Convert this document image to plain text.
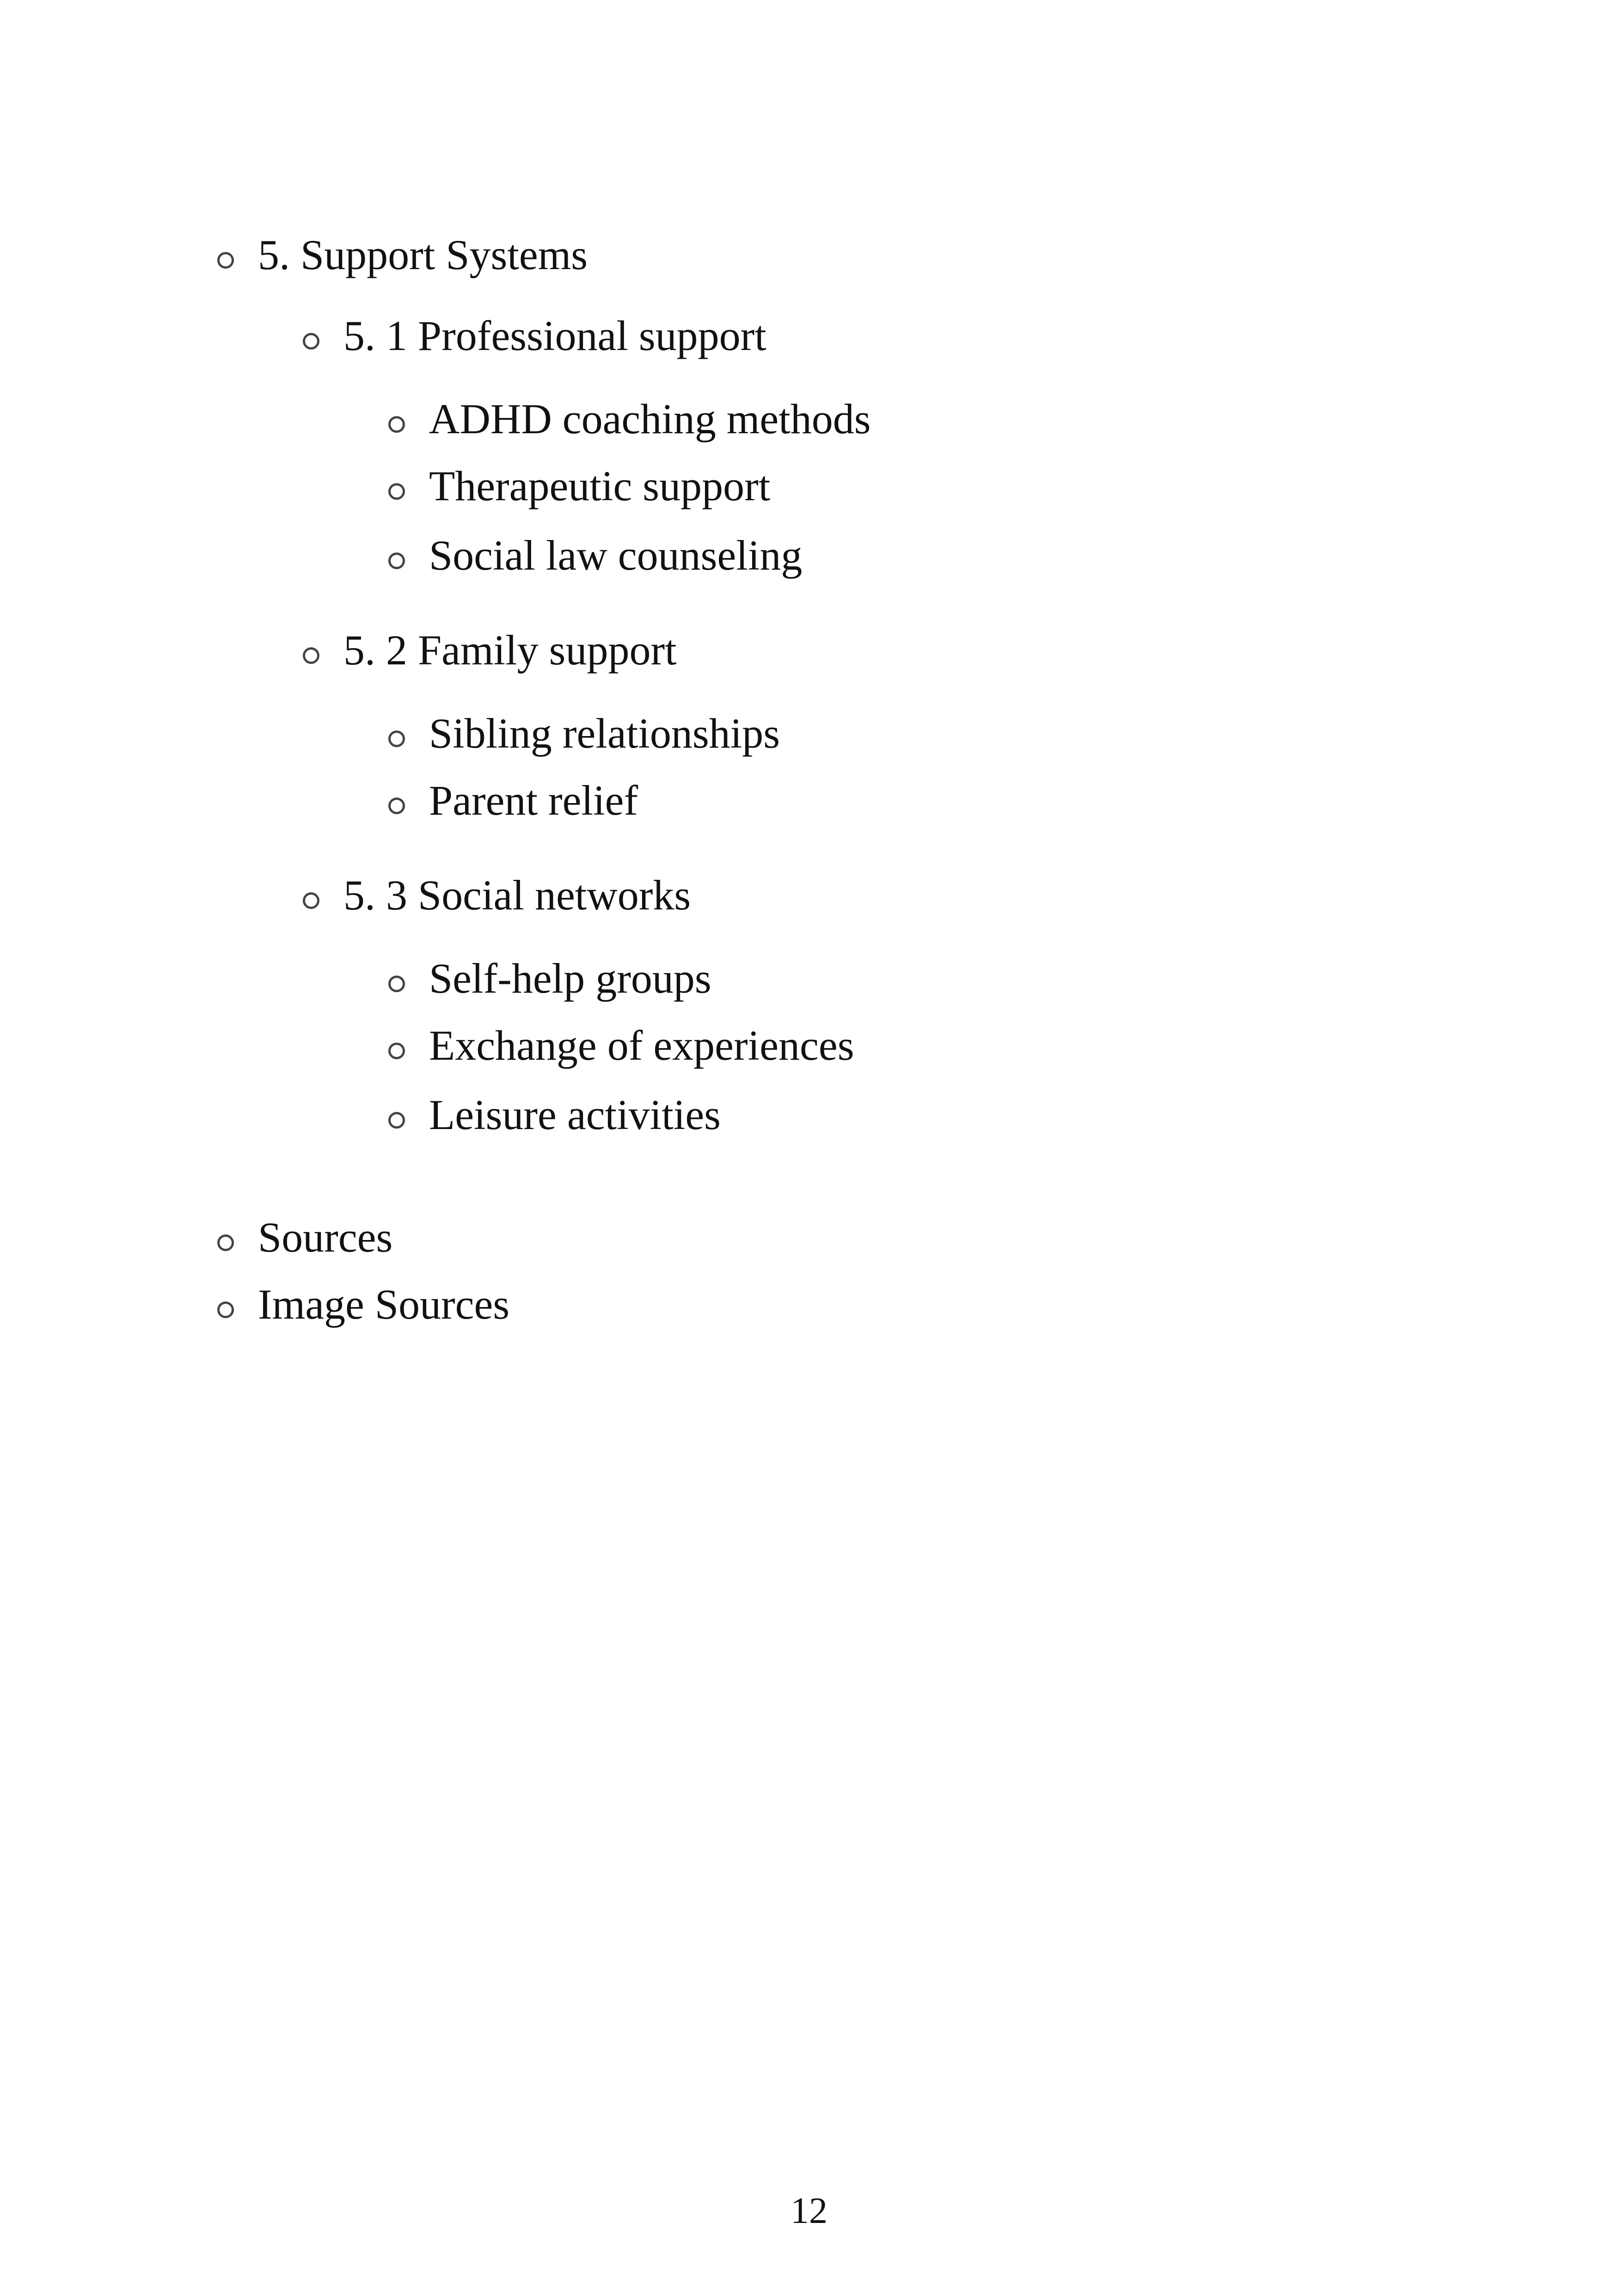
5. Support Systems
5. 1 Professional support
ADHD coaching methods
Therapeutic support
Social law counseling
5. 2 Family support
Sibling relationships
Parent relief
5. 3 Social networks
Self-help groups
Exchange of experiences
Leisure activities
Sources
Image Sources
12
